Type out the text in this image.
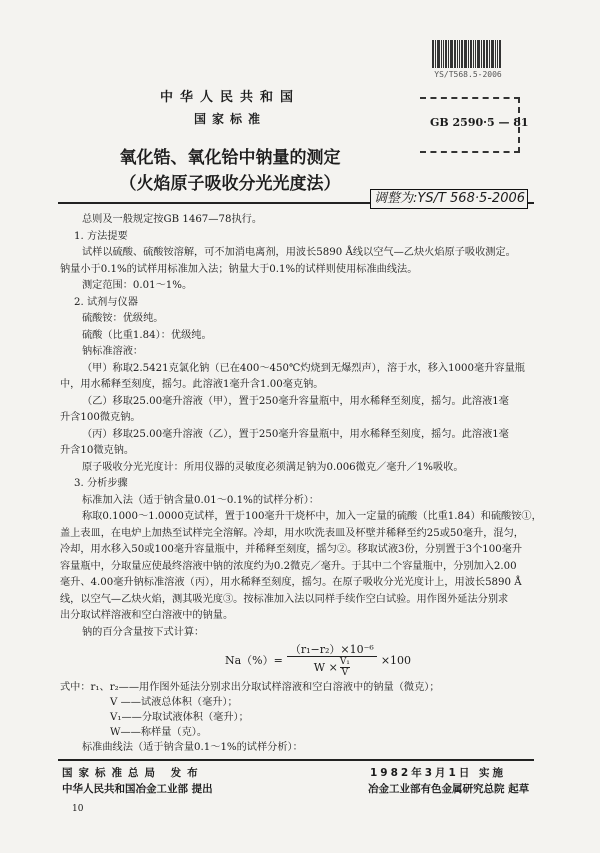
中华人民共和国
国家标准
氧化锆、氧化铪中钠量的测定
（火焰原子吸收分光光度法）
YS/T568.5-2006
GB 2590·5 — 81
调整为:YS/T 568·5-2006
总则及一般规定按GB 1467—78执行。
1. 方法提要
试样以硫酸、硫酸铵溶解，可不加消电离剂，用波长5890 Å线以空气—乙炔火焰原子吸收测定。
钠量小于0.1%的试样用标准加入法；钠量大于0.1%的试样则使用标准曲线法。
测定范围：0.01～1%。
2. 试剂与仪器
硫酸铵：优级纯。
硫酸（比重1.84）：优级纯。
钠标准溶液：
（甲）称取2.5421克氯化钠（已在400～450℃灼烧到无爆烈声），溶于水，移入1000毫升容量瓶
中，用水稀释至刻度，摇匀。此溶液1毫升含1.00毫克钠。
（乙）移取25.00毫升溶液（甲），置于250毫升容量瓶中，用水稀释至刻度，摇匀。此溶液1毫
升含100微克钠。
（丙）移取25.00毫升溶液（乙），置于250毫升容量瓶中，用水稀释至刻度，摇匀。此溶液1毫
升含10微克钠。
原子吸收分光光度计：所用仪器的灵敏度必须满足钠为0.006微克／毫升／1%吸收。
3. 分析步骤
标准加入法（适于钠含量0.01～0.1%的试样分析）：
称取0.1000～1.0000克试样，置于100毫升干烧杯中，加入一定量的硫酸（比重1.84）和硫酸铵①，
盖上表皿，在电炉上加热至试样完全溶解。冷却，用水吹洗表皿及杯壁并稀释至约25或50毫升，混匀，
冷却，用水移入50或100毫升容量瓶中，并稀释至刻度，摇匀②。移取试液3份，分别置于3个100毫升
容量瓶中，分取量应使最终溶液中钠的浓度约为0.2微克／毫升。于其中二个容量瓶中，分别加入2.00
毫升、4.00毫升钠标准溶液（丙），用水稀释至刻度，摇匀。在原子吸收分光光度计上，用波长5890 Å
线，以空气—乙炔火焰，测其吸光度③。按标准加入法以同样手续作空白试验。用作图外延法分别求
出分取试样溶液和空白溶液中的钠量。
钠的百分含量按下式计算：
$Na(\%)= \frac{\text{（r₁−r₂）×10⁻⁶}}{W \times \frac{\text{V₁}}{V}} \times 100$
式中：r₁、r₂——用作图外延法分别求出分取试样溶液和空白溶液中的钠量（微克）；
V ——试液总体积（毫升）；
V₁——分取试液体积（毫升）；
W——称样量（克）。
标准曲线法（适于钠含量0.1～1%的试样分析）：
国家标准总局 发布
中华人民共和国冶金工业部 提出
1982年3月1日 实施
冶金工业部有色金属研究总院 起草
10
